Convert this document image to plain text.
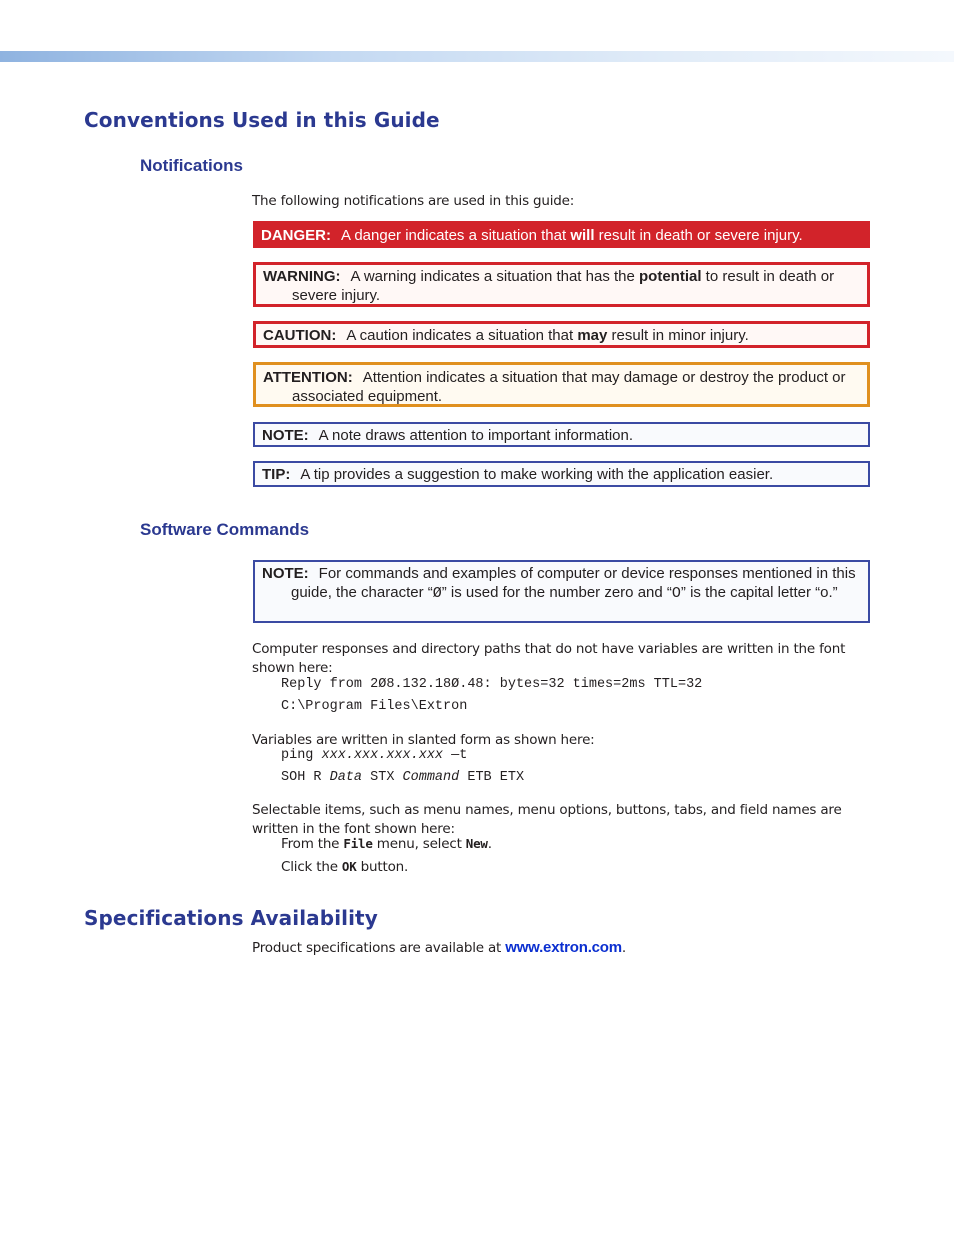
Conventions Used in this Guide
Notifications

The following notifications are used in this guide:

DANGER: A danger indicates a situation that will result in death or severe injury.
WARNING: A warning indicates a situation that has the potential to result in death or severe injury.
CAUTION: A caution indicates a situation that may result in minor injury.
ATTENTION: Attention indicates a situation that may damage or destroy the product or associated equipment.
NOTE: A note draws attention to important information.
TIP: A tip provides a suggestion to make working with the application easier.
Software Commands
NOTE: For commands and examples of computer or device responses mentioned in this guide, the character “Ø” is used for the number zero and “O” is the capital letter “o.”

Computer responses and directory paths that do not have variables are written in the font shown here:

Reply from 2Ø8.132.18Ø.48: bytes=32 times=2ms TTL=32

C:\Program Files\Extron

Variables are written in slanted form as shown here:

ping xxx.xxx.xxx.xxx —t

SOH R Data STX Command ETB ETX

Selectable items, such as menu names, menu options, buttons, tabs, and field names are written in the font shown here:

From the File menu, select New.

Click the OK button.

Specifications Availability

Product specifications are available at www.extron.com.
